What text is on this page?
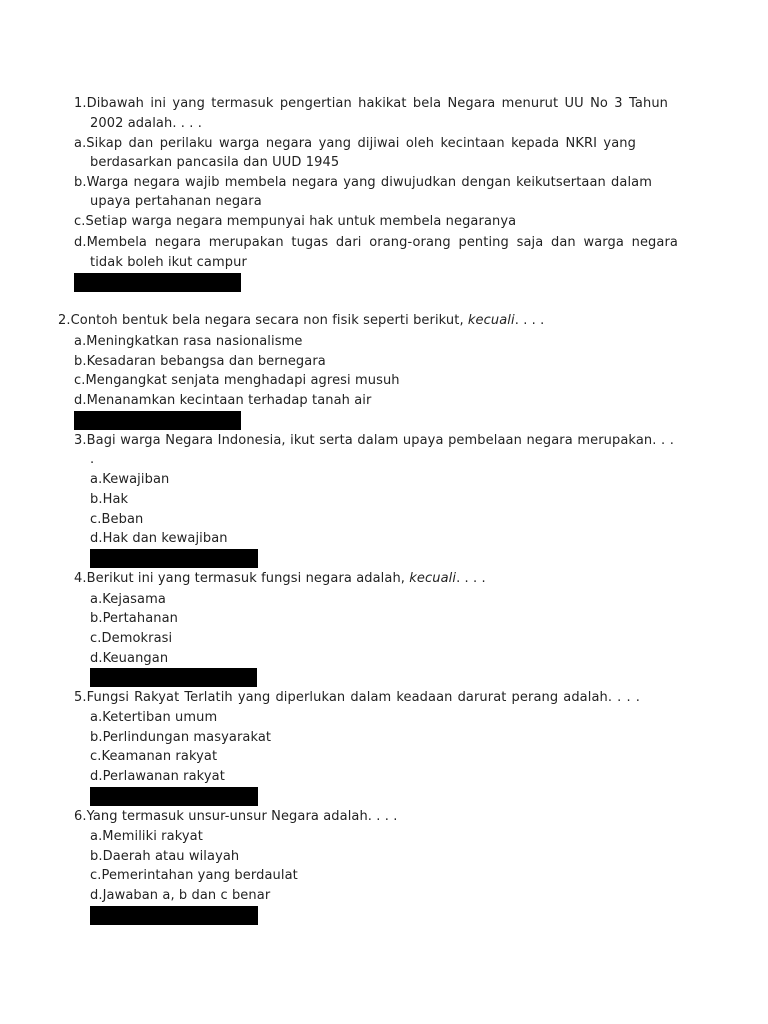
1.Dibawah ini yang termasuk pengertian hakikat bela Negara menurut UU No 3 Tahun
2002 adalah. . . .
a.Sikap dan perilaku warga negara yang dijiwai oleh kecintaan kepada NKRI yang
berdasarkan pancasila dan UUD 1945
b.Warga negara wajib membela negara yang diwujudkan dengan keikutsertaan dalam
upaya pertahanan negara
c.Setiap warga negara mempunyai hak untuk membela negaranya
d.Membela negara merupakan tugas dari orang-orang penting saja dan warga negara
tidak boleh ikut campur
2.Contoh bentuk bela negara secara non fisik seperti berikut, kecuali. . . .
a.Meningkatkan rasa nasionalisme
b.Kesadaran bebangsa dan bernegara
c.Mengangkat senjata menghadapi agresi musuh
d.Menanamkan kecintaan terhadap tanah air
3.Bagi warga Negara Indonesia, ikut serta dalam upaya pembelaan negara merupakan. . .
.
a.Kewajiban
b.Hak
c.Beban
d.Hak dan kewajiban
4.Berikut ini yang termasuk fungsi negara adalah, kecuali. . . .
a.Kejasama
b.Pertahanan
c.Demokrasi
d.Keuangan
5.Fungsi Rakyat Terlatih yang diperlukan dalam keadaan darurat perang adalah. . . .
a.Ketertiban umum
b.Perlindungan masyarakat
c.Keamanan rakyat
d.Perlawanan rakyat
6.Yang termasuk unsur-unsur Negara adalah. . . .
a.Memiliki rakyat
b.Daerah atau wilayah
c.Pemerintahan yang berdaulat
d.Jawaban a, b dan c benar
